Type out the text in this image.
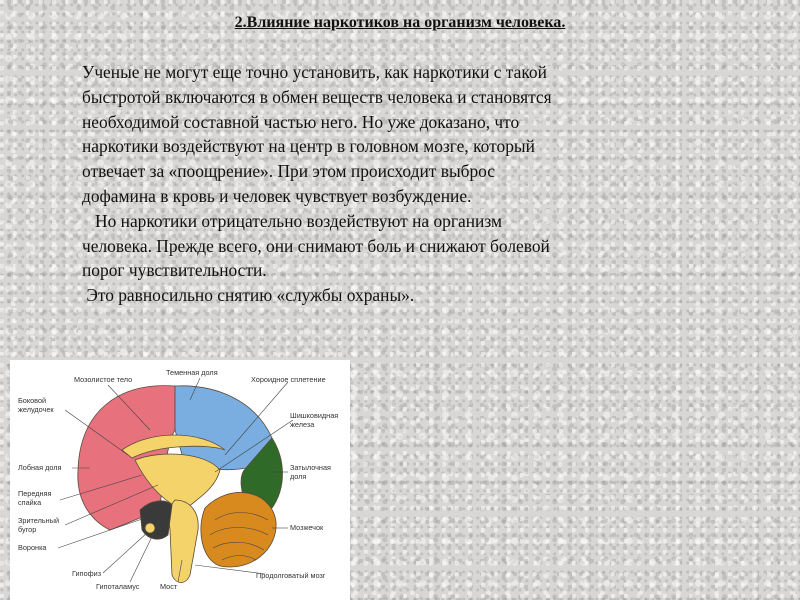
2.Влияние наркотиков на организм человека.

Ученые не могут еще точно установить, как наркотики с такой

быстротой включаются в обмен веществ человека и становятся

необходимой составной частью него. Но уже доказано, что

наркотики воздействуют на центр в головном мозге, который

отвечает за «поощрение». При этом происходит выброс

дофамина в кровь и человек чувствует возбуждение.

Но наркотики отрицательно воздействуют на организм

человека. Прежде всего, они снимают боль и снижают болевой

порог чувствительности.

Это равносильно снятию «службы охраны».

Мозолистое тело
Теменная доля
Хороидное сплетение
Боковой
желудочек
Шишковидная
железа
Лобная доля	Затылочная
доля
Передняя
спайка
Зрительный
бугор	Мозжечок
Воронка
Гипофиз
Гипоталамус	Мост
Продолговатый мозг
